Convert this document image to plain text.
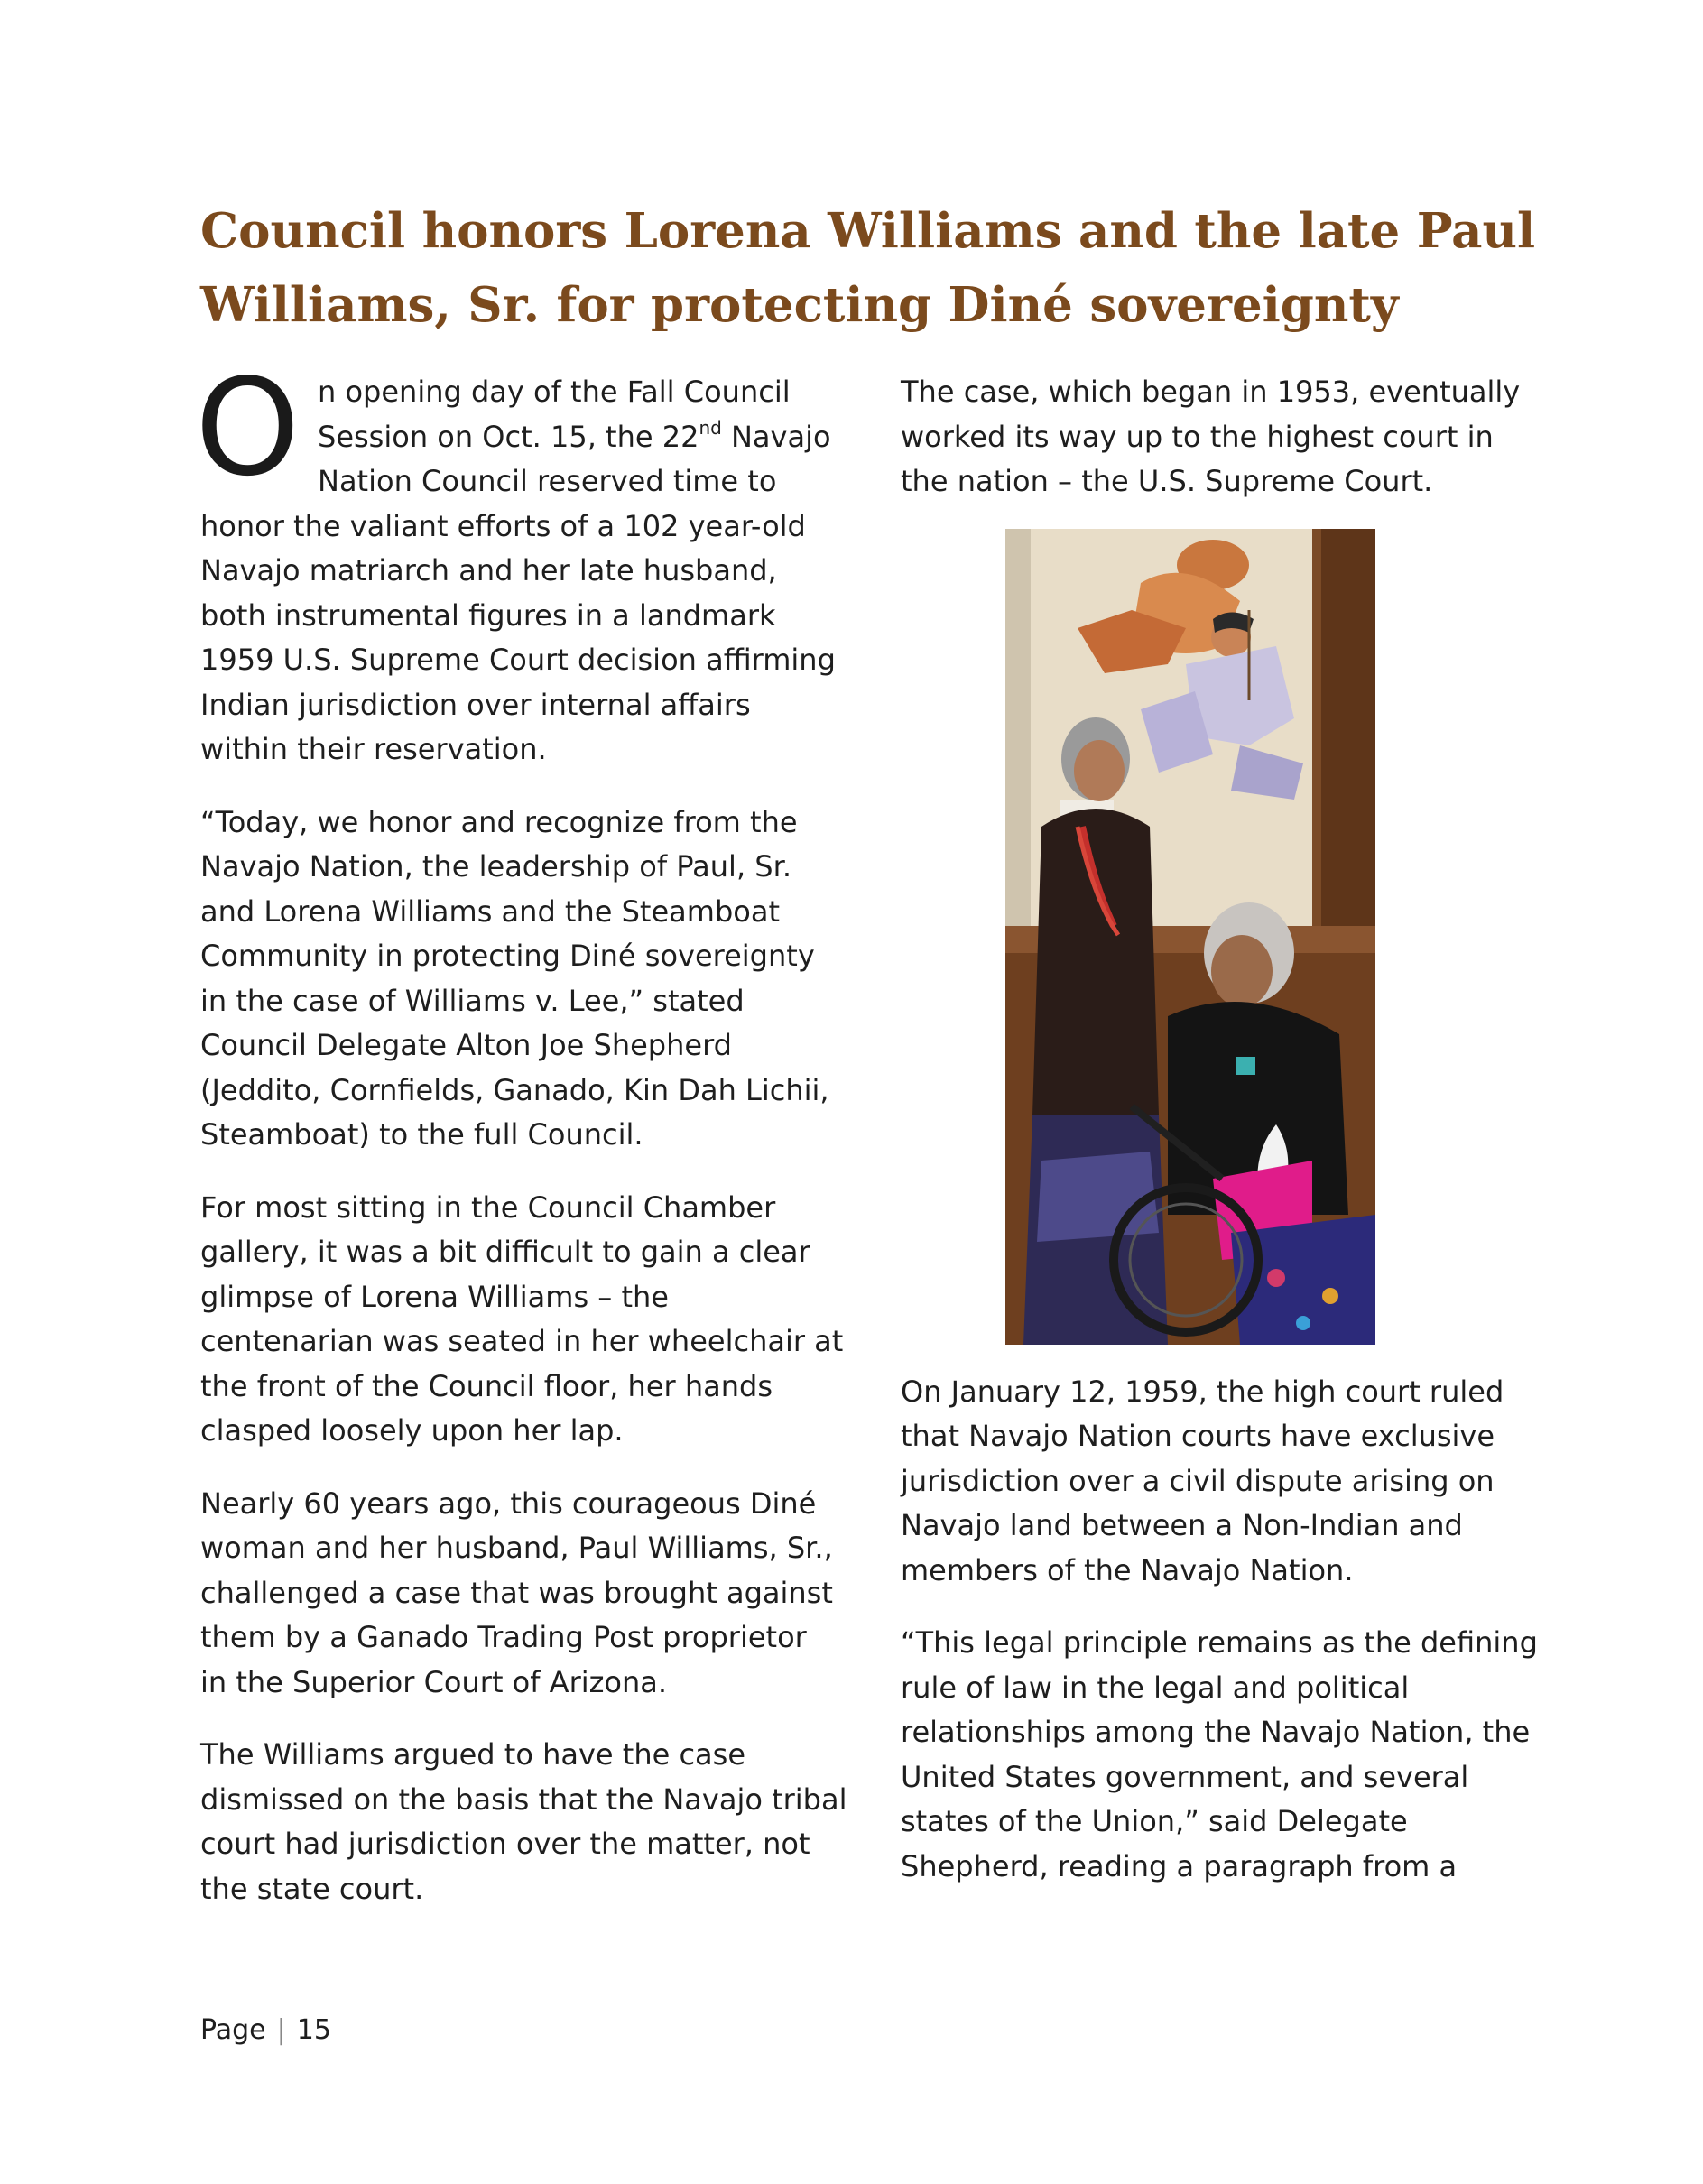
Council honors Lorena Williams and the late Paul
Williams, Sr. for protecting Diné sovereignty
O n opening day of the Fall Council
Session on Oct. 15, the 22nd Navajo
Nation Council reserved time to
honor the valiant efforts of a 102 year-old
Navajo matriarch and her late husband,
both instrumental figures in a landmark
1959 U.S. Supreme Court decision affirming
Indian jurisdiction over internal affairs
within their reservation.
“Today, we honor and recognize from the
Navajo Nation, the leadership of Paul, Sr.
and Lorena Williams and the Steamboat
Community in protecting Diné sovereignty
in the case of Williams v. Lee,” stated
Council Delegate Alton Joe Shepherd
(Jeddito, Cornfields, Ganado, Kin Dah Lichii,
Steamboat) to the full Council.
For most sitting in the Council Chamber
gallery, it was a bit difficult to gain a clear
glimpse of Lorena Williams – the
centenarian was seated in her wheelchair at
the front of the Council floor, her hands
clasped loosely upon her lap.
Nearly 60 years ago, this courageous Diné
woman and her husband, Paul Williams, Sr.,
challenged a case that was brought against
them by a Ganado Trading Post proprietor
in the Superior Court of Arizona.
The Williams argued to have the case
dismissed on the basis that the Navajo tribal
court had jurisdiction over the matter, not
the state court.
The case, which began in 1953, eventually
worked its way up to the highest court in
the nation – the U.S. Supreme Court.
On January 12, 1959, the high court ruled
that Navajo Nation courts have exclusive
jurisdiction over a civil dispute arising on
Navajo land between a Non-Indian and
members of the Navajo Nation.
“This legal principle remains as the defining
rule of law in the legal and political
relationships among the Navajo Nation, the
United States government, and several
states of the Union,” said Delegate
Shepherd, reading a paragraph from a
Page | 15
